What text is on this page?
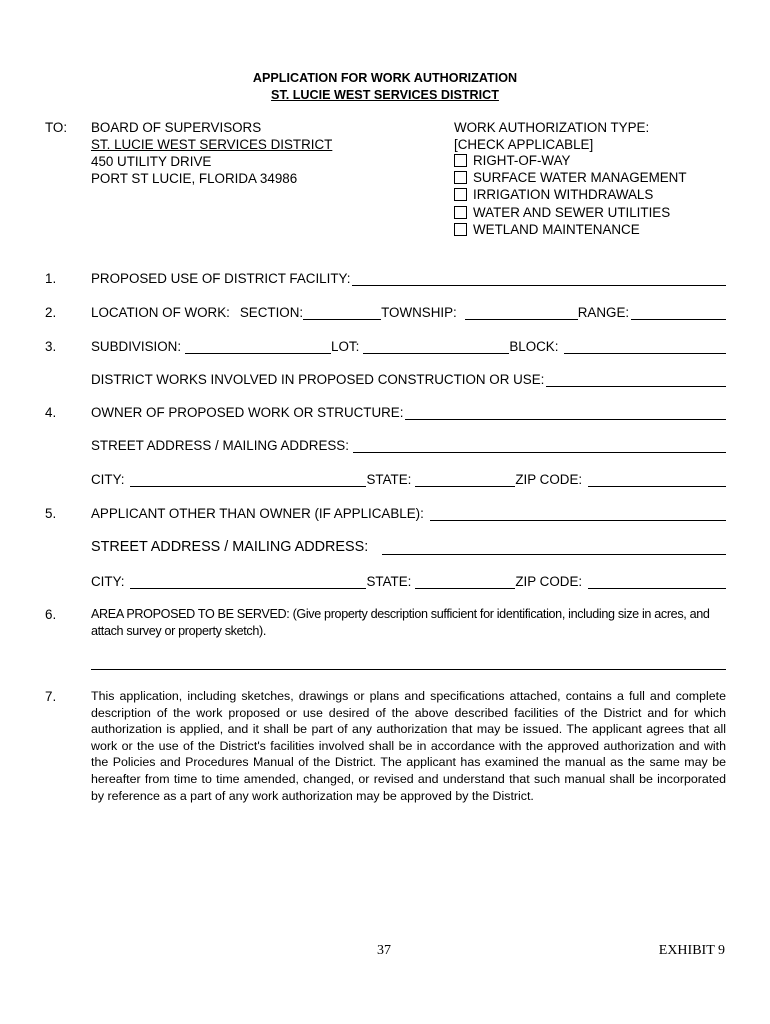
APPLICATION FOR WORK AUTHORIZATION
ST. LUCIE WEST SERVICES DISTRICT
TO: BOARD OF SUPERVISORS
ST. LUCIE WEST SERVICES DISTRICT
450 UTILITY DRIVE
PORT ST LUCIE, FLORIDA 34986
WORK AUTHORIZATION TYPE:
[CHECK APPLICABLE]
RIGHT-OF-WAY
SURFACE WATER MANAGEMENT
IRRIGATION WITHDRAWALS
WATER AND SEWER UTILITIES
WETLAND MAINTENANCE
1.	PROPOSED USE OF DISTRICT FACILITY:
2.	LOCATION OF WORK: SECTION:	TOWNSHIP:	RANGE:
3.	SUBDIVISION:	LOT:	BLOCK:
DISTRICT WORKS INVOLVED IN PROPOSED CONSTRUCTION OR USE:
4.	OWNER OF PROPOSED WORK OR STRUCTURE:
STREET ADDRESS / MAILING ADDRESS:
CITY:	STATE:	ZIP CODE:
5.	APPLICANT OTHER THAN OWNER (IF APPLICABLE):
STREET ADDRESS / MAILING ADDRESS:
CITY:	STATE:	ZIP CODE:
6.	AREA PROPOSED TO BE SERVED: (Give property description sufficient for identification, including size in acres, and attach survey or property sketch).
7.	This application, including sketches, drawings or plans and specifications attached, contains a full and complete description of the work proposed or use desired of the above described facilities of the District and for which authorization is applied, and it shall be part of any authorization that may be issued. The applicant agrees that all work or the use of the District's facilities involved shall be in accordance with the approved authorization and with the Policies and Procedures Manual of the District. The applicant has examined the manual as the same may be hereafter from time to time amended, changed, or revised and understand that such manual shall be incorporated by reference as a part of any work authorization may be approved by the District.
37	EXHIBIT 9
